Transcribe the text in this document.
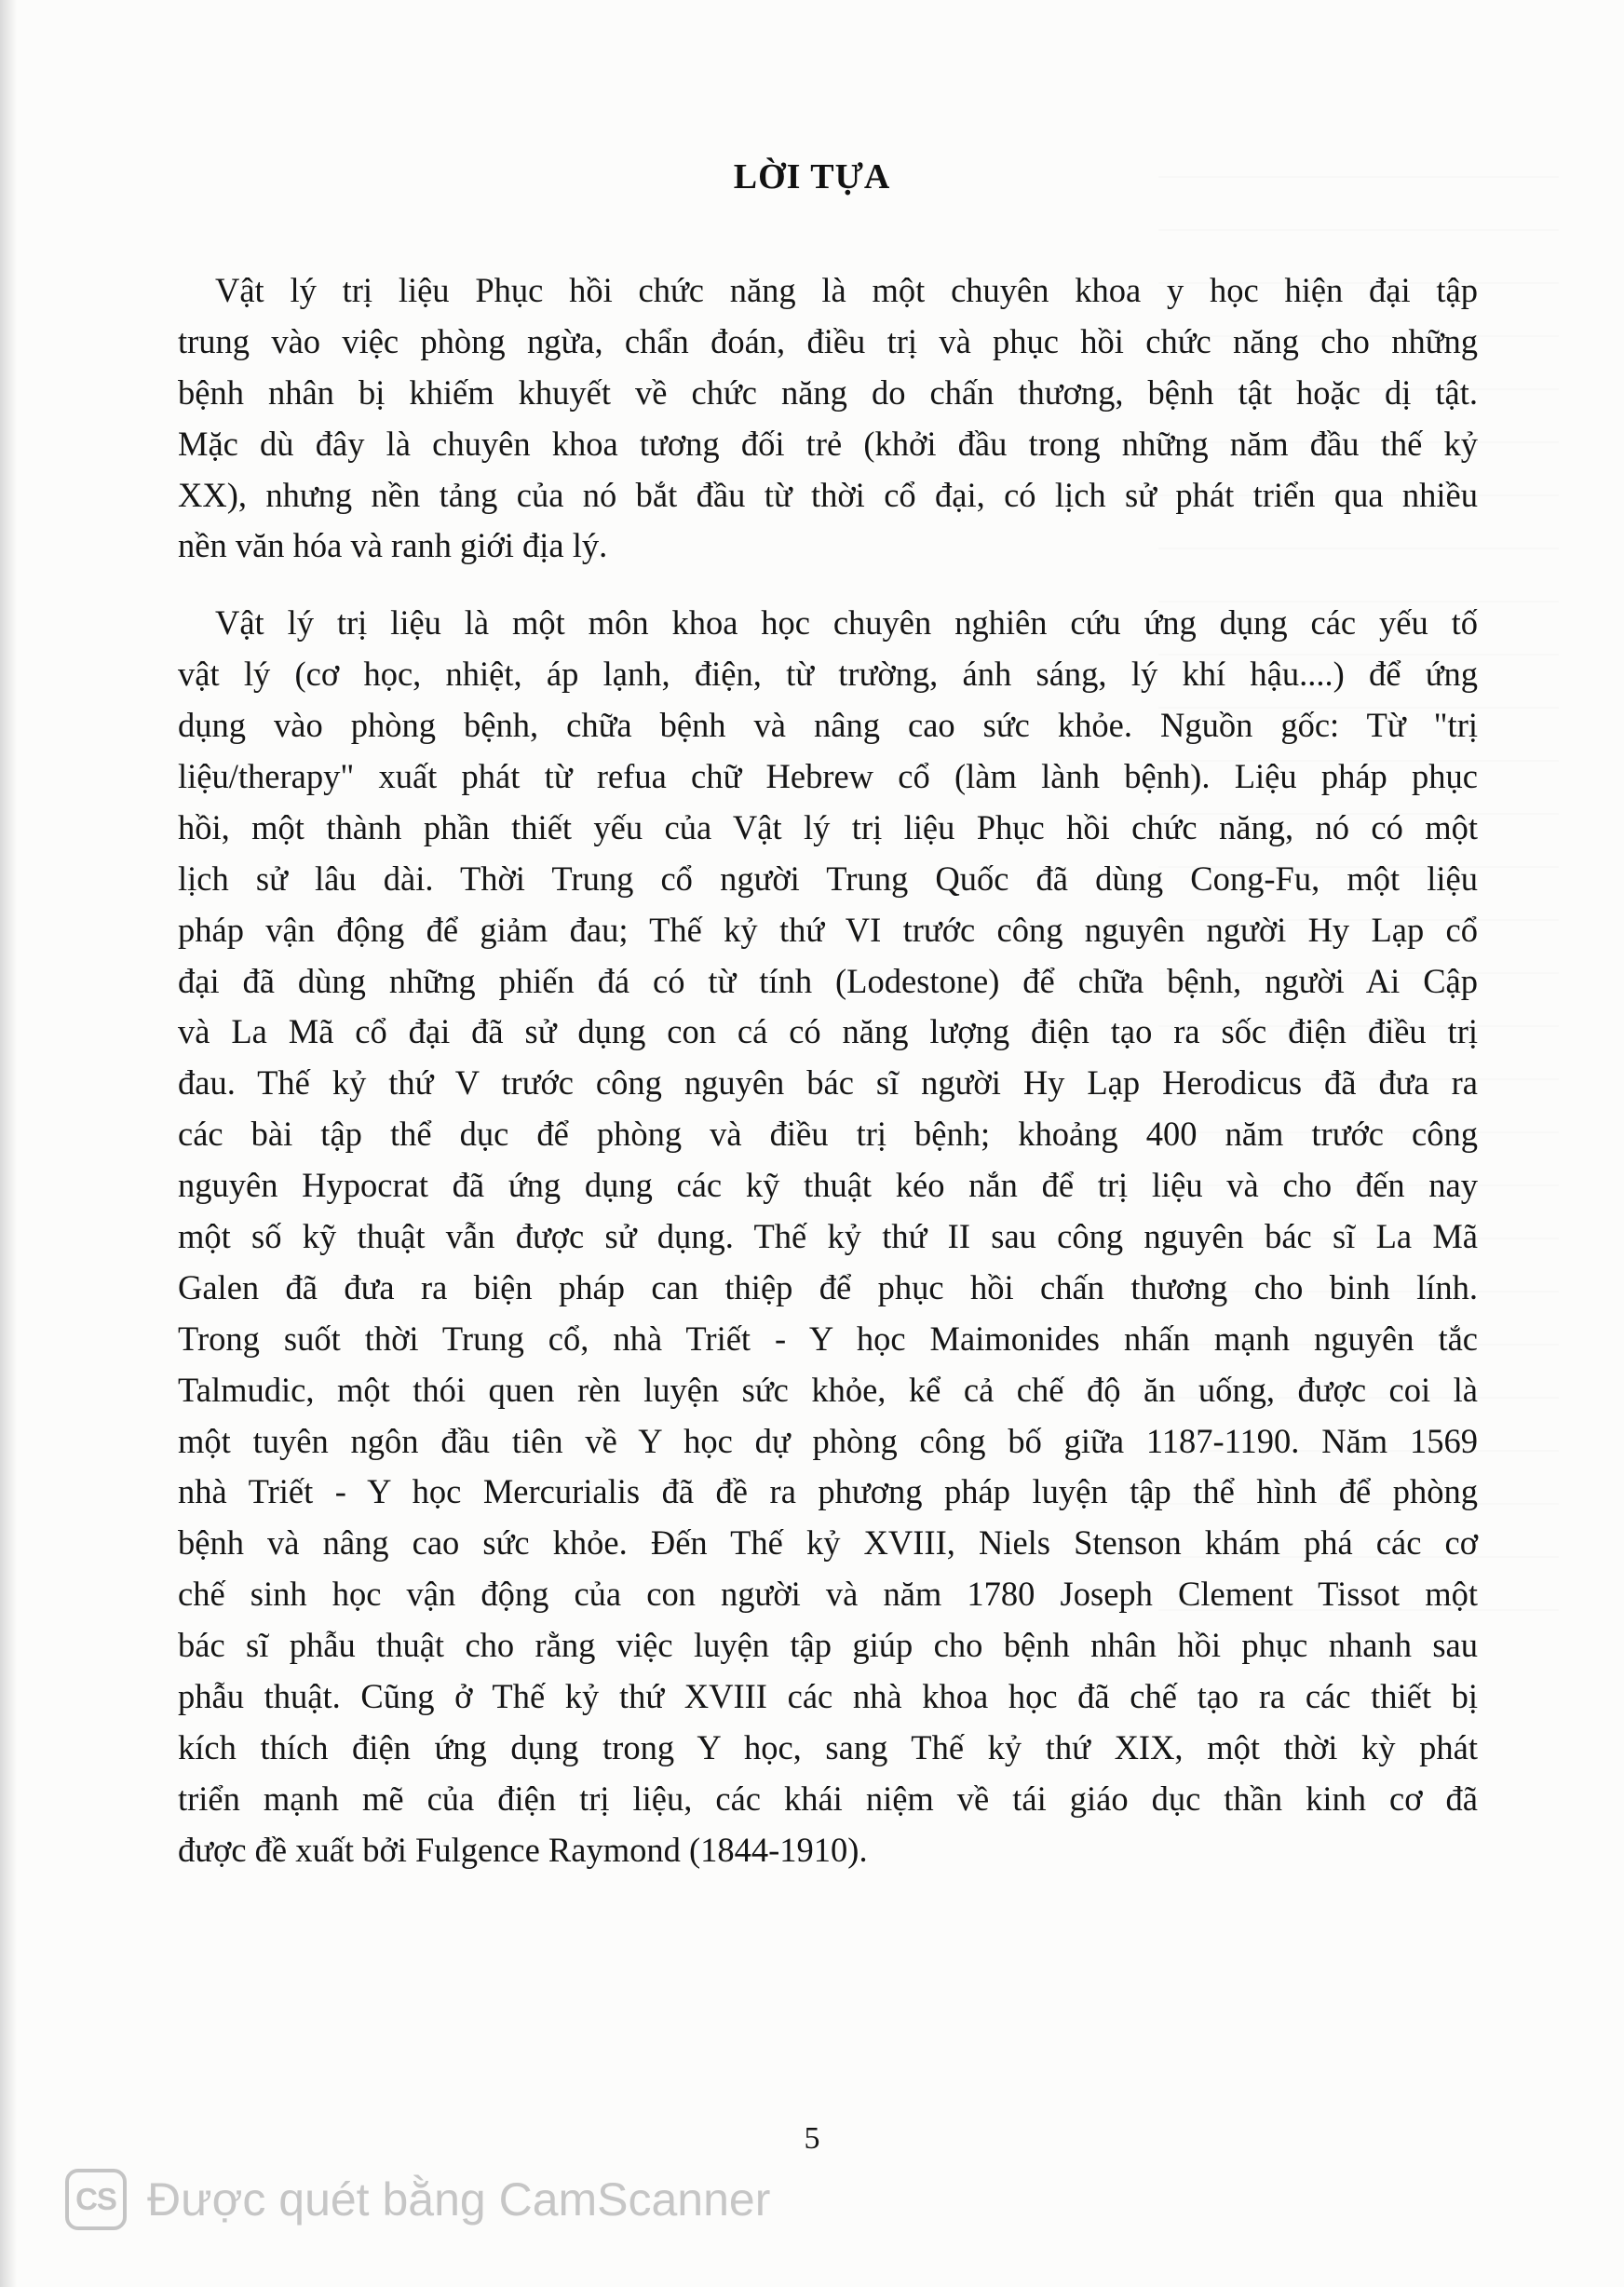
LỜI TỰA
Vật lý trị liệu Phục hồi chức năng là một chuyên khoa y học hiện đại tập
trung vào việc phòng ngừa, chẩn đoán, điều trị và phục hồi chức năng cho những
bệnh nhân bị khiếm khuyết về chức năng do chấn thương, bệnh tật hoặc dị tật.
Mặc dù đây là chuyên khoa tương đối trẻ (khởi đầu trong những năm đầu thế kỷ
XX), nhưng nền tảng của nó bắt đầu từ thời cổ đại, có lịch sử phát triển qua nhiều
nền văn hóa và ranh giới địa lý.
Vật lý trị liệu là một môn khoa học chuyên nghiên cứu ứng dụng các yếu tố
vật lý (cơ học, nhiệt, áp lạnh, điện, từ trường, ánh sáng, lý khí hậu....) để ứng
dụng vào phòng bệnh, chữa bệnh và nâng cao sức khỏe. Nguồn gốc: Từ "trị
liệu/therapy" xuất phát từ refua chữ Hebrew cổ (làm lành bệnh). Liệu pháp phục
hồi, một thành phần thiết yếu của Vật lý trị liệu Phục hồi chức năng, nó có một
lịch sử lâu dài. Thời Trung cổ người Trung Quốc đã dùng Cong-Fu, một liệu
pháp vận động để giảm đau; Thế kỷ thứ VI trước công nguyên người Hy Lạp cổ
đại đã dùng những phiến đá có từ tính (Lodestone) để chữa bệnh, người Ai Cập
và La Mã cổ đại đã sử dụng con cá có năng lượng điện tạo ra sốc điện điều trị
đau. Thế kỷ thứ V trước công nguyên bác sĩ người Hy Lạp Herodicus đã đưa ra
các bài tập thể dục để phòng và điều trị bệnh; khoảng 400 năm trước công
nguyên Hypocrat đã ứng dụng các kỹ thuật kéo nắn để trị liệu và cho đến nay
một số kỹ thuật vẫn được sử dụng. Thế kỷ thứ II sau công nguyên bác sĩ La Mã
Galen đã đưa ra biện pháp can thiệp để phục hồi chấn thương cho binh lính.
Trong suốt thời Trung cổ, nhà Triết - Y học Maimonides nhấn mạnh nguyên tắc
Talmudic, một thói quen rèn luyện sức khỏe, kể cả chế độ ăn uống, được coi là
một tuyên ngôn đầu tiên về Y học dự phòng công bố giữa 1187-1190. Năm 1569
nhà Triết - Y học Mercurialis đã đề ra phương pháp luyện tập thể hình để phòng
bệnh và nâng cao sức khỏe. Đến Thế kỷ XVIII, Niels Stenson khám phá các cơ
chế sinh học vận động của con người và năm 1780 Joseph Clement Tissot một
bác sĩ phẫu thuật cho rằng việc luyện tập giúp cho bệnh nhân hồi phục nhanh sau
phẫu thuật. Cũng ở Thế kỷ thứ XVIII các nhà khoa học đã chế tạo ra các thiết bị
kích thích điện ứng dụng trong Y học, sang Thế kỷ thứ XIX, một thời kỳ phát
triển mạnh mẽ của điện trị liệu, các khái niệm về tái giáo dục thần kinh cơ đã
được đề xuất bởi Fulgence Raymond (1844-1910).
5
CS Được quét bằng CamScanner
